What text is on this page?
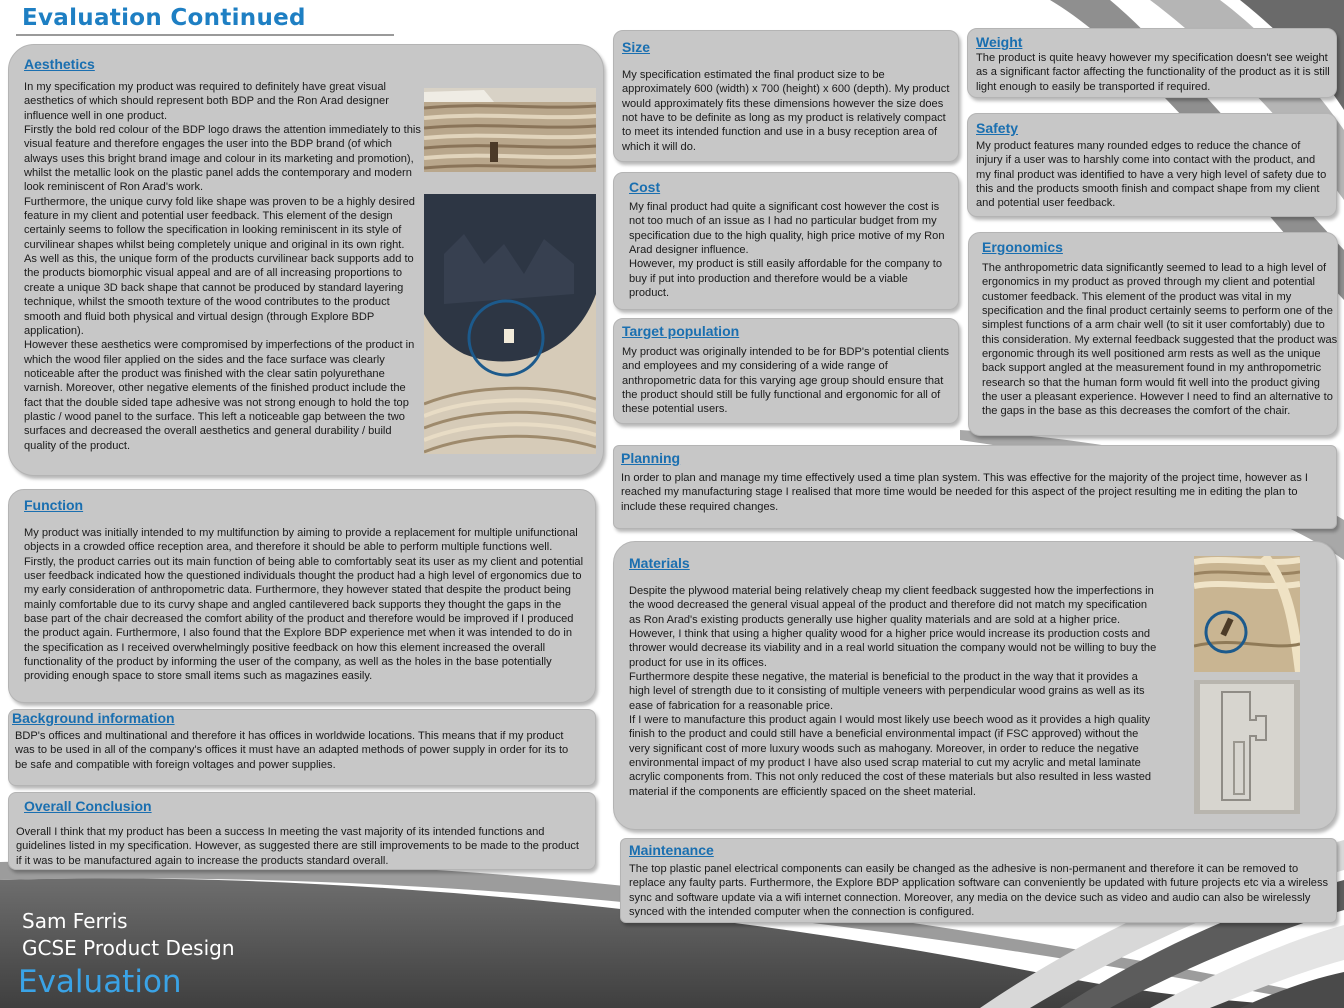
Evaluation Continued
Aesthetics
In my specification my product was required to definitely have great visual aesthetics of which should represent both BDP and the Ron Arad designer influence well in one product.
Firstly the bold red colour of the BDP logo draws the attention immediately to this visual feature and therefore engages the user into the BDP brand (of which always uses this bright brand image and colour in its marketing and promotion), whilst the metallic look on the plastic panel adds the contemporary and modern look reminiscent of Ron Arad's work.
Furthermore, the unique curvy fold like shape was proven to be a highly desired feature in my client and potential user feedback. This element of the design certainly seems to follow the specification in looking reminiscent in its style of curvilinear shapes whilst being completely unique and original in its own right.
As well as this, the unique form of the products curvilinear back supports add to the products biomorphic visual appeal and are of all increasing proportions to create a unique 3D back shape that cannot be produced by standard layering technique, whilst the smooth texture of the wood contributes to the product smooth and fluid both physical and virtual design (through Explore BDP application).
However these aesthetics were compromised by imperfections of the product in which the wood filer applied on the sides and the face surface was clearly noticeable after the product was finished with the clear satin polyurethane varnish. Moreover, other negative elements of the finished product include the fact that the double sided tape adhesive was not strong enough to hold the top plastic / wood panel to the surface. This left a noticeable gap between the two surfaces and decreased the overall aesthetics and general durability / build quality of the product.
Function
My product was initially intended to my multifunction by aiming to provide a replacement for multiple unifunctional objects in a crowded office reception area, and therefore it should be able to perform multiple functions well. Firstly, the product carries out its main function of being able to comfortably seat its user as my client and potential user feedback indicated how the questioned individuals thought the product had a high level of ergonomics due to my early consideration of anthropometric data. Furthermore, they however stated that despite the product being mainly comfortable due to its curvy shape and angled cantilevered back supports they thought the gaps in the base part of the chair decreased the comfort ability of the product and therefore would be improved if I produced the product again. Furthermore, I also found that the Explore BDP experience met when it was intended to do in the specification as I received overwhelmingly positive feedback on how this element increased the overall functionality of the product by informing the user of the company, as well as the holes in the base potentially providing enough space to store small items such as magazines easily.
Background information
BDP's offices and multinational and therefore it has offices in worldwide locations. This means that if my product was to be used in all of the company's offices it must have an adapted methods of power supply in order for its to be safe and compatible with foreign voltages and power supplies.
Overall Conclusion
Overall I think that my product has been a success In meeting the vast majority of its intended functions and guidelines listed in my specification. However, as suggested there are still improvements to be made to the product if it was to be manufactured again to increase the products standard overall.
Size
My specification estimated the final product size to be approximately 600 (width) x 700 (height) x 600 (depth). My product would approximately fits these dimensions however the size does not have to be definite as long as my product is relatively compact to meet its intended function and use in a busy reception area of which it will do.
Cost
My final product had quite a significant cost however the cost is not too much of an issue as I had no particular budget from my specification due to the high quality, high price motive of my Ron Arad designer influence.
However, my product is still easily affordable for the company to buy if put into production and therefore would be a viable product.
Target population
My product was originally intended to be for BDP's potential clients and employees and my considering of a wide range of anthropometric data for this varying age group should ensure that the product should still be fully functional and ergonomic for all of these potential users.
Weight
The product is quite heavy however my specification doesn't see weight as a significant factor affecting the functionality of the product as it is still light enough to easily be transported if required.
Safety
My product features many rounded edges to reduce the chance of injury if a user was to harshly come into contact with the product, and my final product was identified to have a very high level of safety due to this and the products smooth finish and compact shape from my client and potential user feedback.
Ergonomics
The anthropometric data significantly seemed to lead to a high level of ergonomics in my product as proved through my client and potential customer feedback. This element of the product was vital in my specification and the final product certainly seems to perform one of the simplest functions of a arm chair well (to sit it user comfortably) due to this consideration. My external feedback suggested that the product was ergonomic through its well positioned arm rests as well as the unique back support angled at the measurement found in my anthropometric research so that the human form would fit well into the product giving the user a pleasant experience. However I need to find an alternative to the gaps in the base as this decreases the comfort of the chair.
Planning
In order to plan and manage my time effectively used a time plan system. This was effective for the majority of the project time, however as I reached my manufacturing stage I realised that more time would be needed for this aspect of the project resulting me in editing the plan to include these required changes.
Materials
Despite the plywood material being relatively cheap my client feedback suggested how the imperfections in the wood decreased the general visual appeal of the product and therefore did not match my specification as Ron Arad's existing products generally use higher quality materials and are sold at a higher price. However, I think that using a higher quality wood for a higher price would increase its production costs and thrower would decrease its viability and in a real world situation the company would not be willing to buy the product for use in its offices.
Furthermore despite these negative, the material is beneficial to the product in the way that it provides a high level of strength due to it consisting of multiple veneers with perpendicular wood grains as well as its ease of fabrication for a reasonable price.
If I were to manufacture this product again I would most likely use beech wood as it provides a high quality finish to the product and could still have a beneficial environmental impact (if FSC approved) without the very significant cost of more luxury woods such as mahogany. Moreover, in order to reduce the negative environmental impact of my product I have also used scrap material to cut my acrylic and metal laminate acrylic components from. This not only reduced the cost of these materials but also resulted in less wasted material if the components are efficiently spaced on the sheet material.
Maintenance
The top plastic panel electrical components can easily be changed as the adhesive is non-permanent and therefore it can be removed to replace any faulty parts. Furthermore, the Explore BDP application software can conveniently be updated with future projects etc via a wireless sync and software update via a wifi internet connection. Moreover, any media on the device such as video and audio can also be wirelessly synced with the intended computer when the connection is configured.
Sam Ferris
GCSE Product Design
Evaluation
